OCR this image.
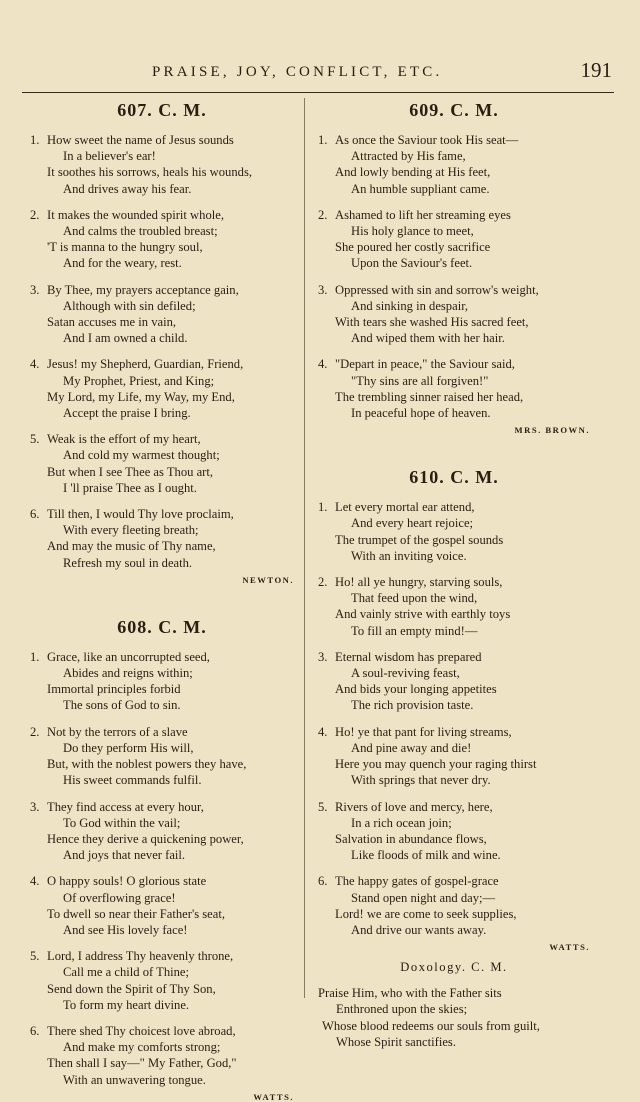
PRAISE, JOY, CONFLICT, ETC.	191
607. C. M.
1. How sweet the name of Jesus sounds
In a believer's ear!
It soothes his sorrows, heals his wounds,
And drives away his fear.
2. It makes the wounded spirit whole,
And calms the troubled breast;
'T is manna to the hungry soul,
And for the weary, rest.
3. By Thee, my prayers acceptance gain,
Although with sin defiled;
Satan accuses me in vain,
And I am owned a child.
4. Jesus! my Shepherd, Guardian, Friend,
My Prophet, Priest, and King;
My Lord, my Life, my Way, my End,
Accept the praise I bring.
5. Weak is the effort of my heart,
And cold my warmest thought;
But when I see Thee as Thou art,
I 'll praise Thee as I ought.
6. Till then, I would Thy love proclaim,
With every fleeting breath;
And may the music of Thy name,
Refresh my soul in death.
NEWTON.
608. C. M.
1. Grace, like an uncorrupted seed,
Abides and reigns within;
Immortal principles forbid
The sons of God to sin.
2. Not by the terrors of a slave
Do they perform His will,
But, with the noblest powers they have,
His sweet commands fulfil.
3. They find access at every hour,
To God within the vail;
Hence they derive a quickening power,
And joys that never fail.
4. O happy souls! O glorious state
Of overflowing grace!
To dwell so near their Father's seat,
And see His lovely face!
5. Lord, I address Thy heavenly throne,
Call me a child of Thine;
Send down the Spirit of Thy Son,
To form my heart divine.
6. There shed Thy choicest love abroad,
And make my comforts strong;
Then shall I say—" My Father, God,"
With an unwavering tongue.
WATTS.
609. C. M.
1. As once the Saviour took His seat—
Attracted by His fame,
And lowly bending at His feet,
An humble suppliant came.
2. Ashamed to lift her streaming eyes
His holy glance to meet,
She poured her costly sacrifice
Upon the Saviour's feet.
3. Oppressed with sin and sorrow's weight,
And sinking in despair,
With tears she washed His sacred feet,
And wiped them with her hair.
4. "Depart in peace," the Saviour said,
"Thy sins are all forgiven!"
The trembling sinner raised her head,
In peaceful hope of heaven.
MRS. BROWN.
610. C. M.
1. Let every mortal ear attend,
And every heart rejoice;
The trumpet of the gospel sounds
With an inviting voice.
2. Ho! all ye hungry, starving souls,
That feed upon the wind,
And vainly strive with earthly toys
To fill an empty mind!—
3. Eternal wisdom has prepared
A soul-reviving feast,
And bids your longing appetites
The rich provision taste.
4. Ho! ye that pant for living streams,
And pine away and die!
Here you may quench your raging thirst
With springs that never dry.
5. Rivers of love and mercy, here,
In a rich ocean join;
Salvation in abundance flows,
Like floods of milk and wine.
6. The happy gates of gospel-grace
Stand open night and day;—
Lord! we are come to seek supplies,
And drive our wants away.
WATTS.
Doxology. C. M.
Praise Him, who with the Father sits
Enthroned upon the skies;
Whose blood redeems our souls from guilt,
Whose Spirit sanctifies.
